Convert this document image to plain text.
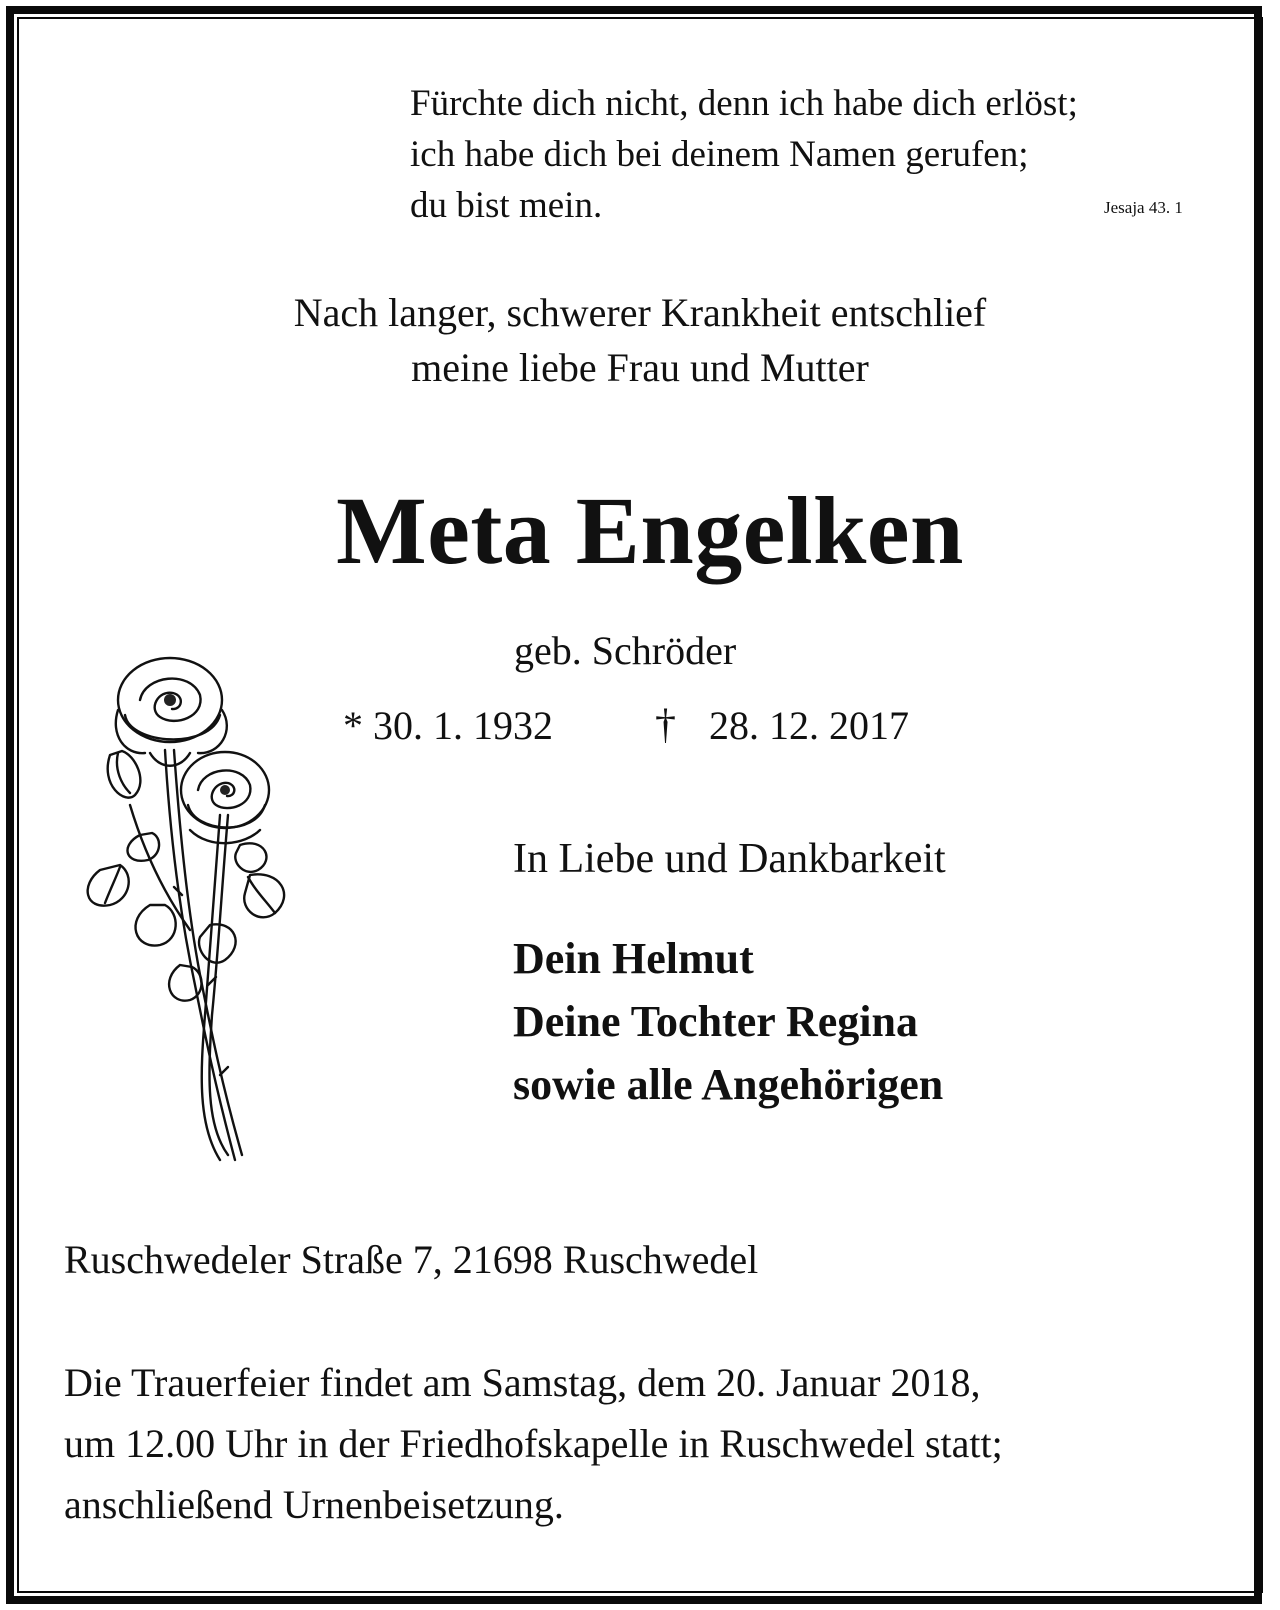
Fürchte dich nicht, denn ich habe dich erlöst;
ich habe dich bei deinem Namen gerufen;
du bist mein.	Jesaja 43. 1
Nach langer, schwerer Krankheit entschlief
meine liebe Frau und Mutter
Meta Engelken
geb. Schröder
* 30. 1. 1932 † 28. 12. 2017
In Liebe und Dankbarkeit
Dein Helmut
Deine Tochter Regina
sowie alle Angehörigen
Ruschwedeler Straße 7, 21698 Ruschwedel
Die Trauerfeier findet am Samstag, dem 20. Januar 2018,
um 12.00 Uhr in der Friedhofskapelle in Ruschwedel statt;
anschließend Urnenbeisetzung.
